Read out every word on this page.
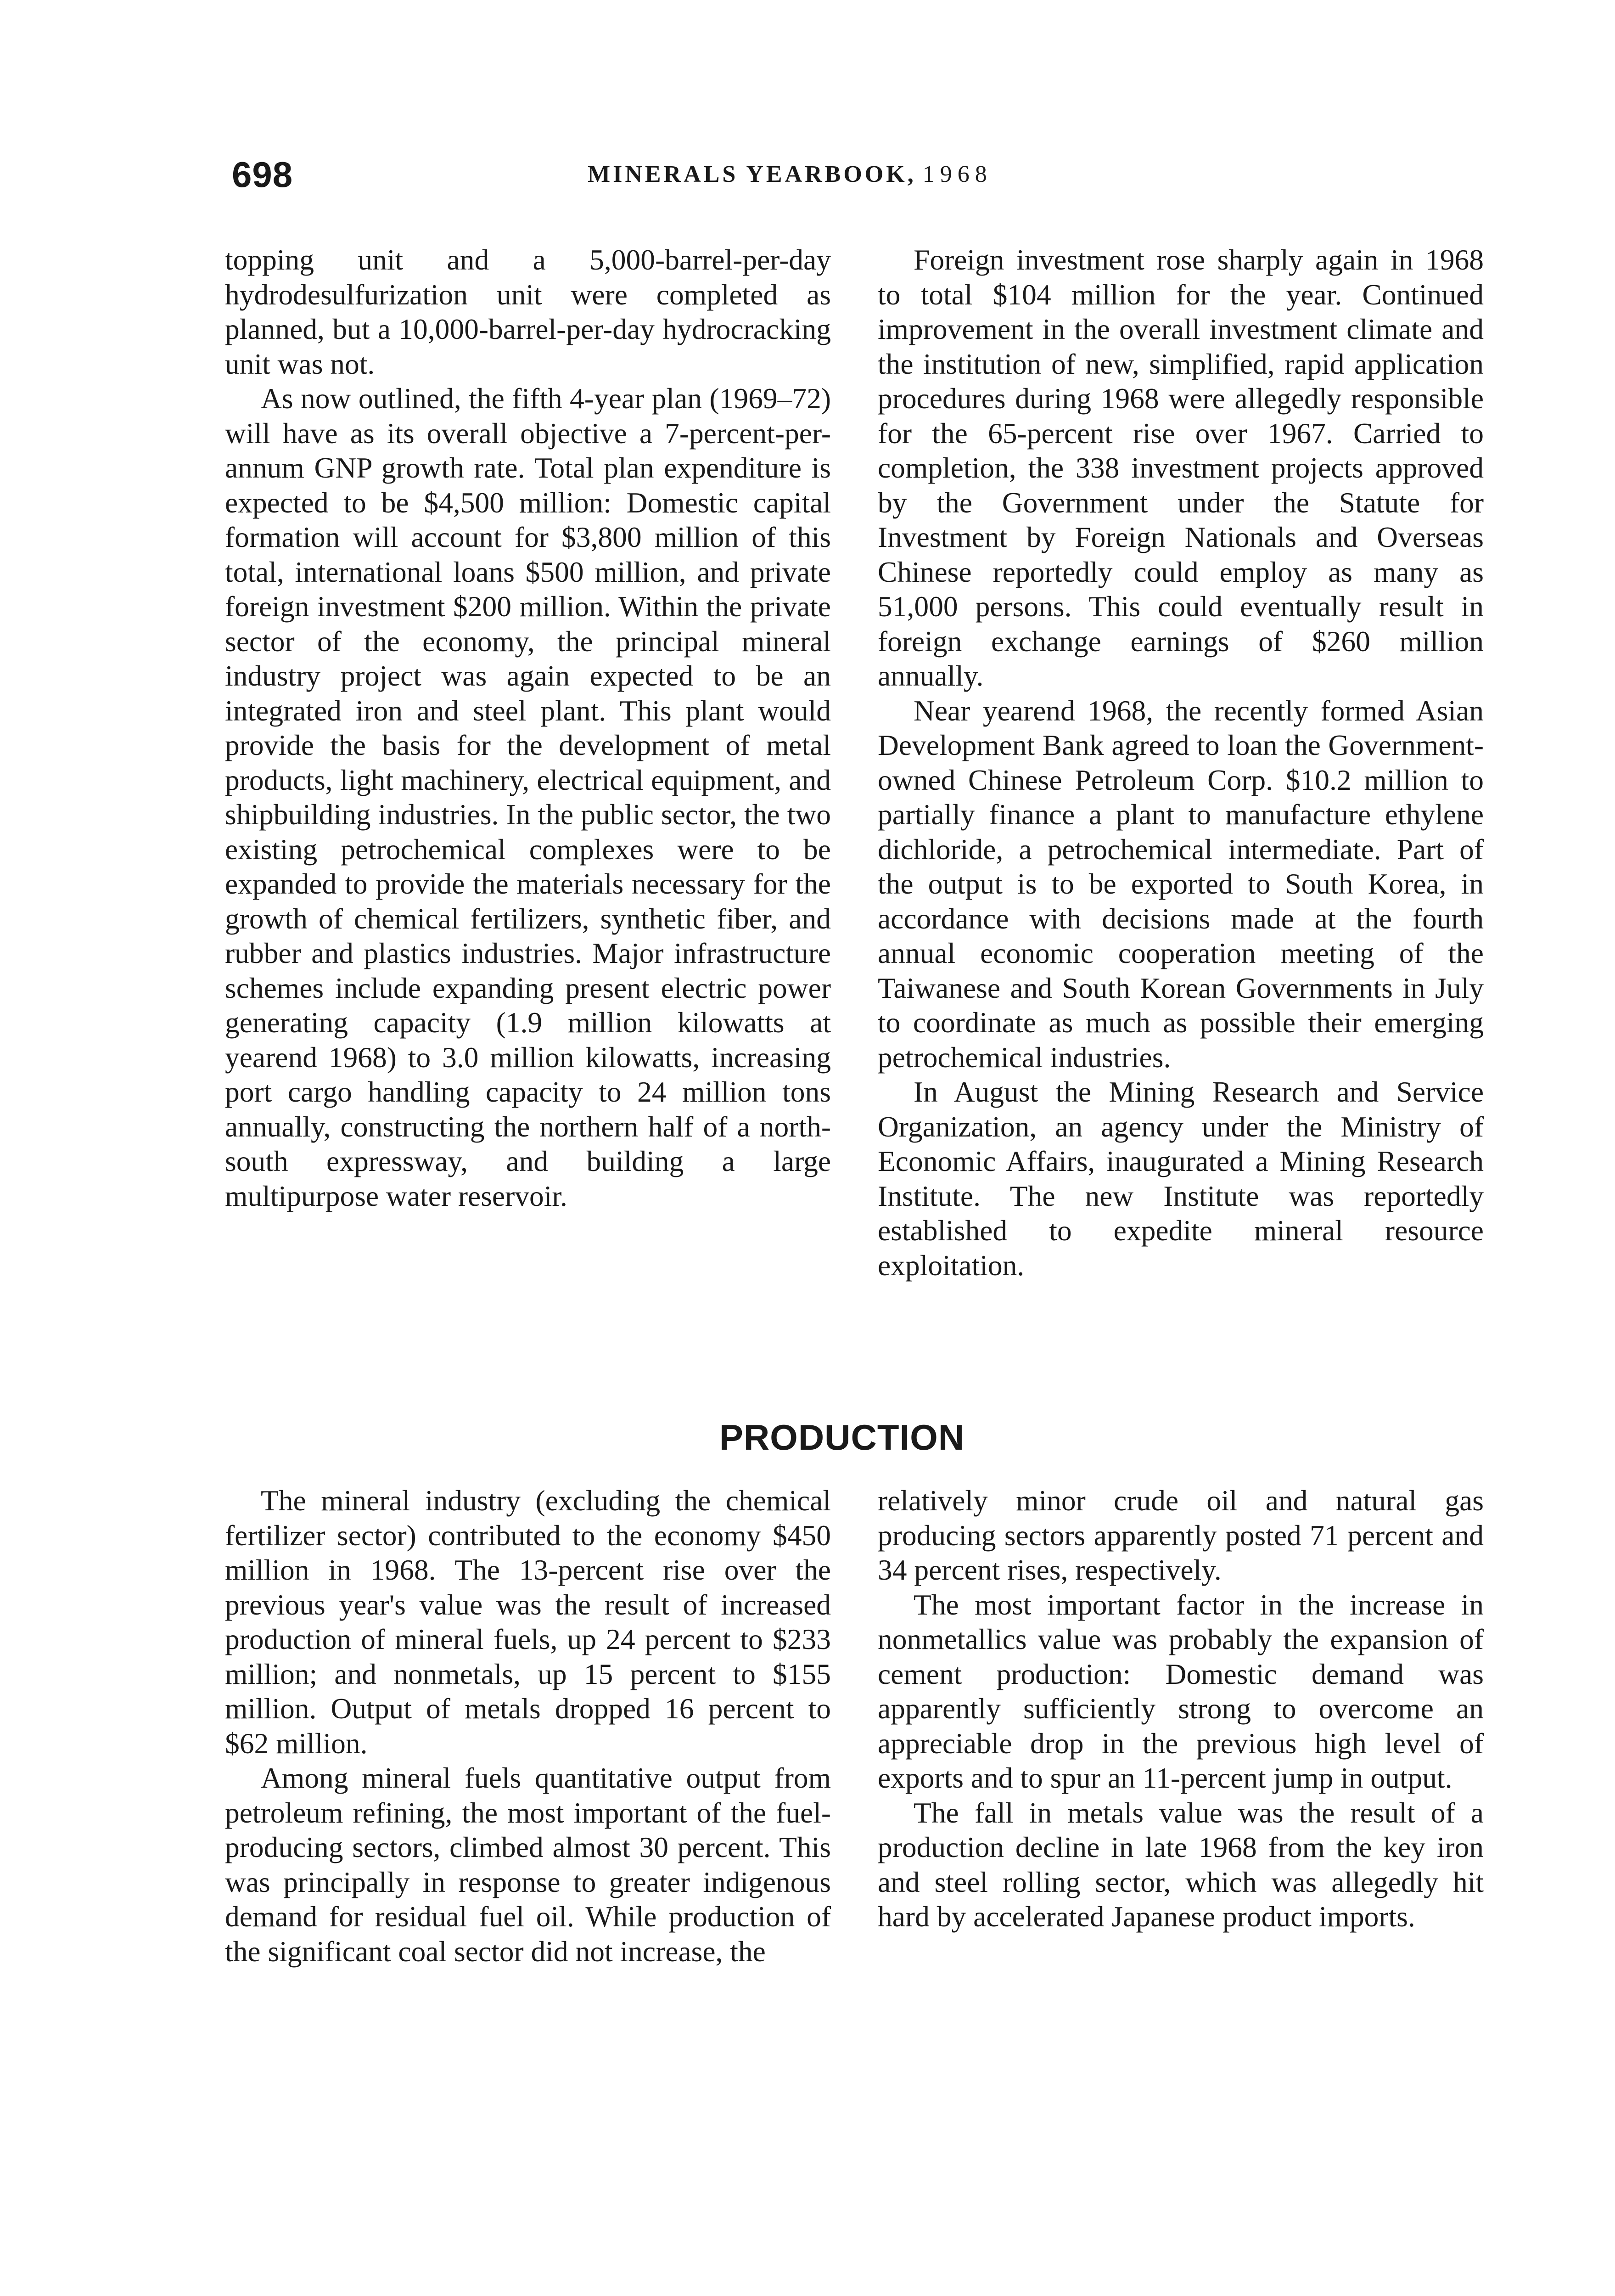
698	MINERALS YEARBOOK, 1968

topping unit and a 5,000-barrel-per-day hydrodesulfurization unit were completed as planned, but a 10,000-barrel-per-day hydrocracking unit was not.

As now outlined, the fifth 4-year plan (1969–72) will have as its overall objective a 7-percent-per-annum GNP growth rate. Total plan expenditure is expected to be $4,500 million: Domestic capital formation will account for $3,800 million of this total, international loans $500 million, and private foreign investment $200 million. Within the private sector of the economy, the principal mineral industry project was again expected to be an integrated iron and steel plant. This plant would provide the basis for the development of metal products, light machinery, electrical equipment, and shipbuilding industries. In the public sector, the two existing petrochemical complexes were to be expanded to provide the materials necessary for the growth of chemical fertilizers, synthetic fiber, and rubber and plastics industries. Major infrastructure schemes include expanding present electric power generating capacity (1.9 million kilowatts at yearend 1968) to 3.0 million kilowatts, increasing port cargo handling capacity to 24 million tons annually, constructing the northern half of a north-south expressway, and building a large multipurpose water reservoir.

Foreign investment rose sharply again in 1968 to total $104 million for the year. Continued improvement in the overall investment climate and the institution of new, simplified, rapid application procedures during 1968 were allegedly responsible for the 65-percent rise over 1967. Carried to completion, the 338 investment projects approved by the Government under the Statute for Investment by Foreign Nationals and Overseas Chinese reportedly could employ as many as 51,000 persons. This could eventually result in foreign exchange earnings of $260 million annually.

Near yearend 1968, the recently formed Asian Development Bank agreed to loan the Government-owned Chinese Petroleum Corp. $10.2 million to partially finance a plant to manufacture ethylene dichloride, a petrochemical intermediate. Part of the output is to be exported to South Korea, in accordance with decisions made at the fourth annual economic cooperation meeting of the Taiwanese and South Korean Governments in July to coordinate as much as possible their emerging petrochemical industries.

In August the Mining Research and Service Organization, an agency under the Ministry of Economic Affairs, inaugurated a Mining Research Institute. The new Institute was reportedly established to expedite mineral resource exploitation.

PRODUCTION

The mineral industry (excluding the chemical fertilizer sector) contributed to the economy $450 million in 1968. The 13-percent rise over the previous year's value was the result of increased production of mineral fuels, up 24 percent to $233 million; and nonmetals, up 15 percent to $155 million. Output of metals dropped 16 percent to $62 million.

Among mineral fuels quantitative output from petroleum refining, the most important of the fuel-producing sectors, climbed almost 30 percent. This was principally in response to greater indigenous demand for residual fuel oil. While production of the significant coal sector did not increase, the

relatively minor crude oil and natural gas producing sectors apparently posted 71 percent and 34 percent rises, respectively.

The most important factor in the increase in nonmetallics value was probably the expansion of cement production: Domestic demand was apparently sufficiently strong to overcome an appreciable drop in the previous high level of exports and to spur an 11-percent jump in output.

The fall in metals value was the result of a production decline in late 1968 from the key iron and steel rolling sector, which was allegedly hit hard by accelerated Japanese product imports.
